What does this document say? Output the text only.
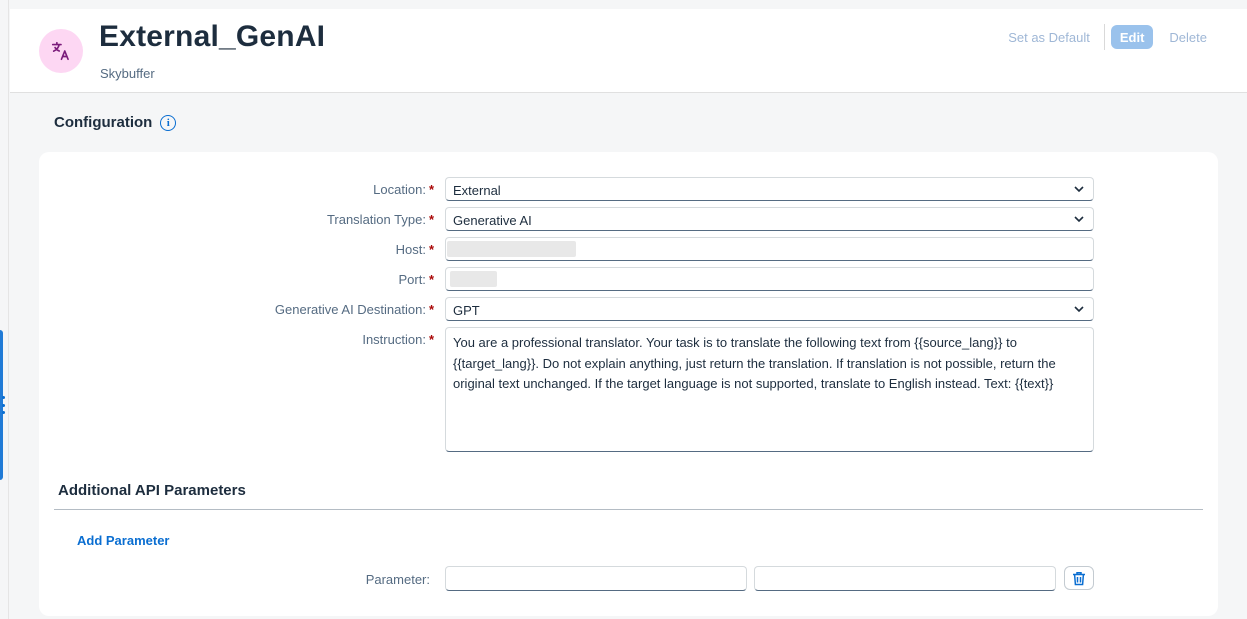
External_GenAI
Skybuffer
Set as Default	Edit	Delete
Configuration	i
Location: *	External
Translation Type: *	Generative AI
Host: *
Port: *
Generative AI Destination: *	GPT
Instruction: *	You are a professional translator. Your task is to translate the following text from {{source_lang}} to {{target_lang}}. Do not explain anything, just return the translation. If translation is not possible, return the original text unchanged. If the target language is not supported, translate to English instead. Text: {{text}}
Additional API Parameters
Add Parameter
Parameter:
